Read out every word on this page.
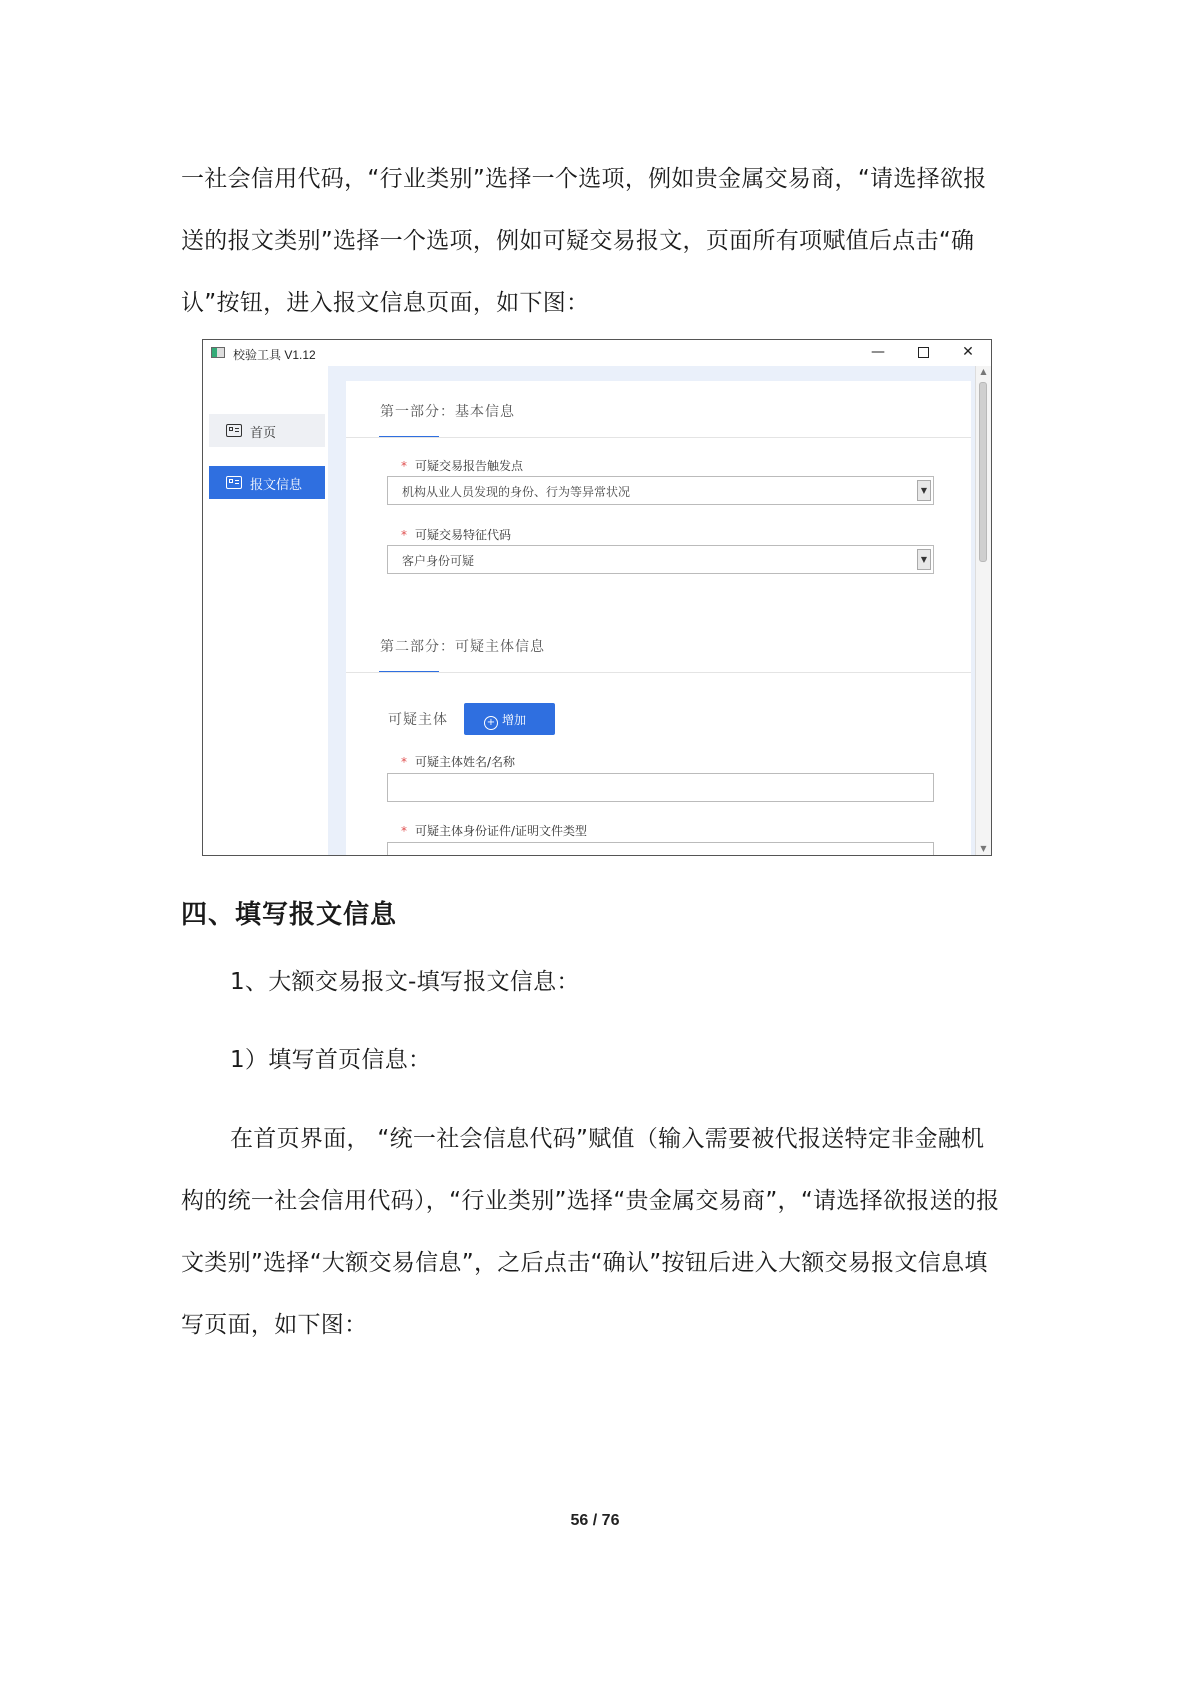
一社会信用代码，“行业类别”选择一个选项，例如贵金属交易商，“请选择欲报

送的报文类别”选择一个选项，例如可疑交易报文，页面所有项赋值后点击“确

认”按钮，进入报文信息页面，如下图：

校验工具 V1.12	—	✕
首页
报文信息
第一部分：基本信息
* 可疑交易报告触发点
机构从业人员发现的身份、行为等异常状况	▼
* 可疑交易特征代码
客户身份可疑	▼
第二部分：可疑主体信息
可疑主体	+ 增加
* 可疑主体姓名/名称
* 可疑主体身份证件/证明文件类型
▲
▼
四、填写报文信息

1、大额交易报文-填写报文信息：

1）填写首页信息：

在首页界面， “统一社会信息代码”赋值（输入需要被代报送特定非金融机

构的统一社会信用代码），“行业类别”选择“贵金属交易商”，“请选择欲报送的报

文类别”选择“大额交易信息”，之后点击“确认”按钮后进入大额交易报文信息填

写页面，如下图：

56 / 76
